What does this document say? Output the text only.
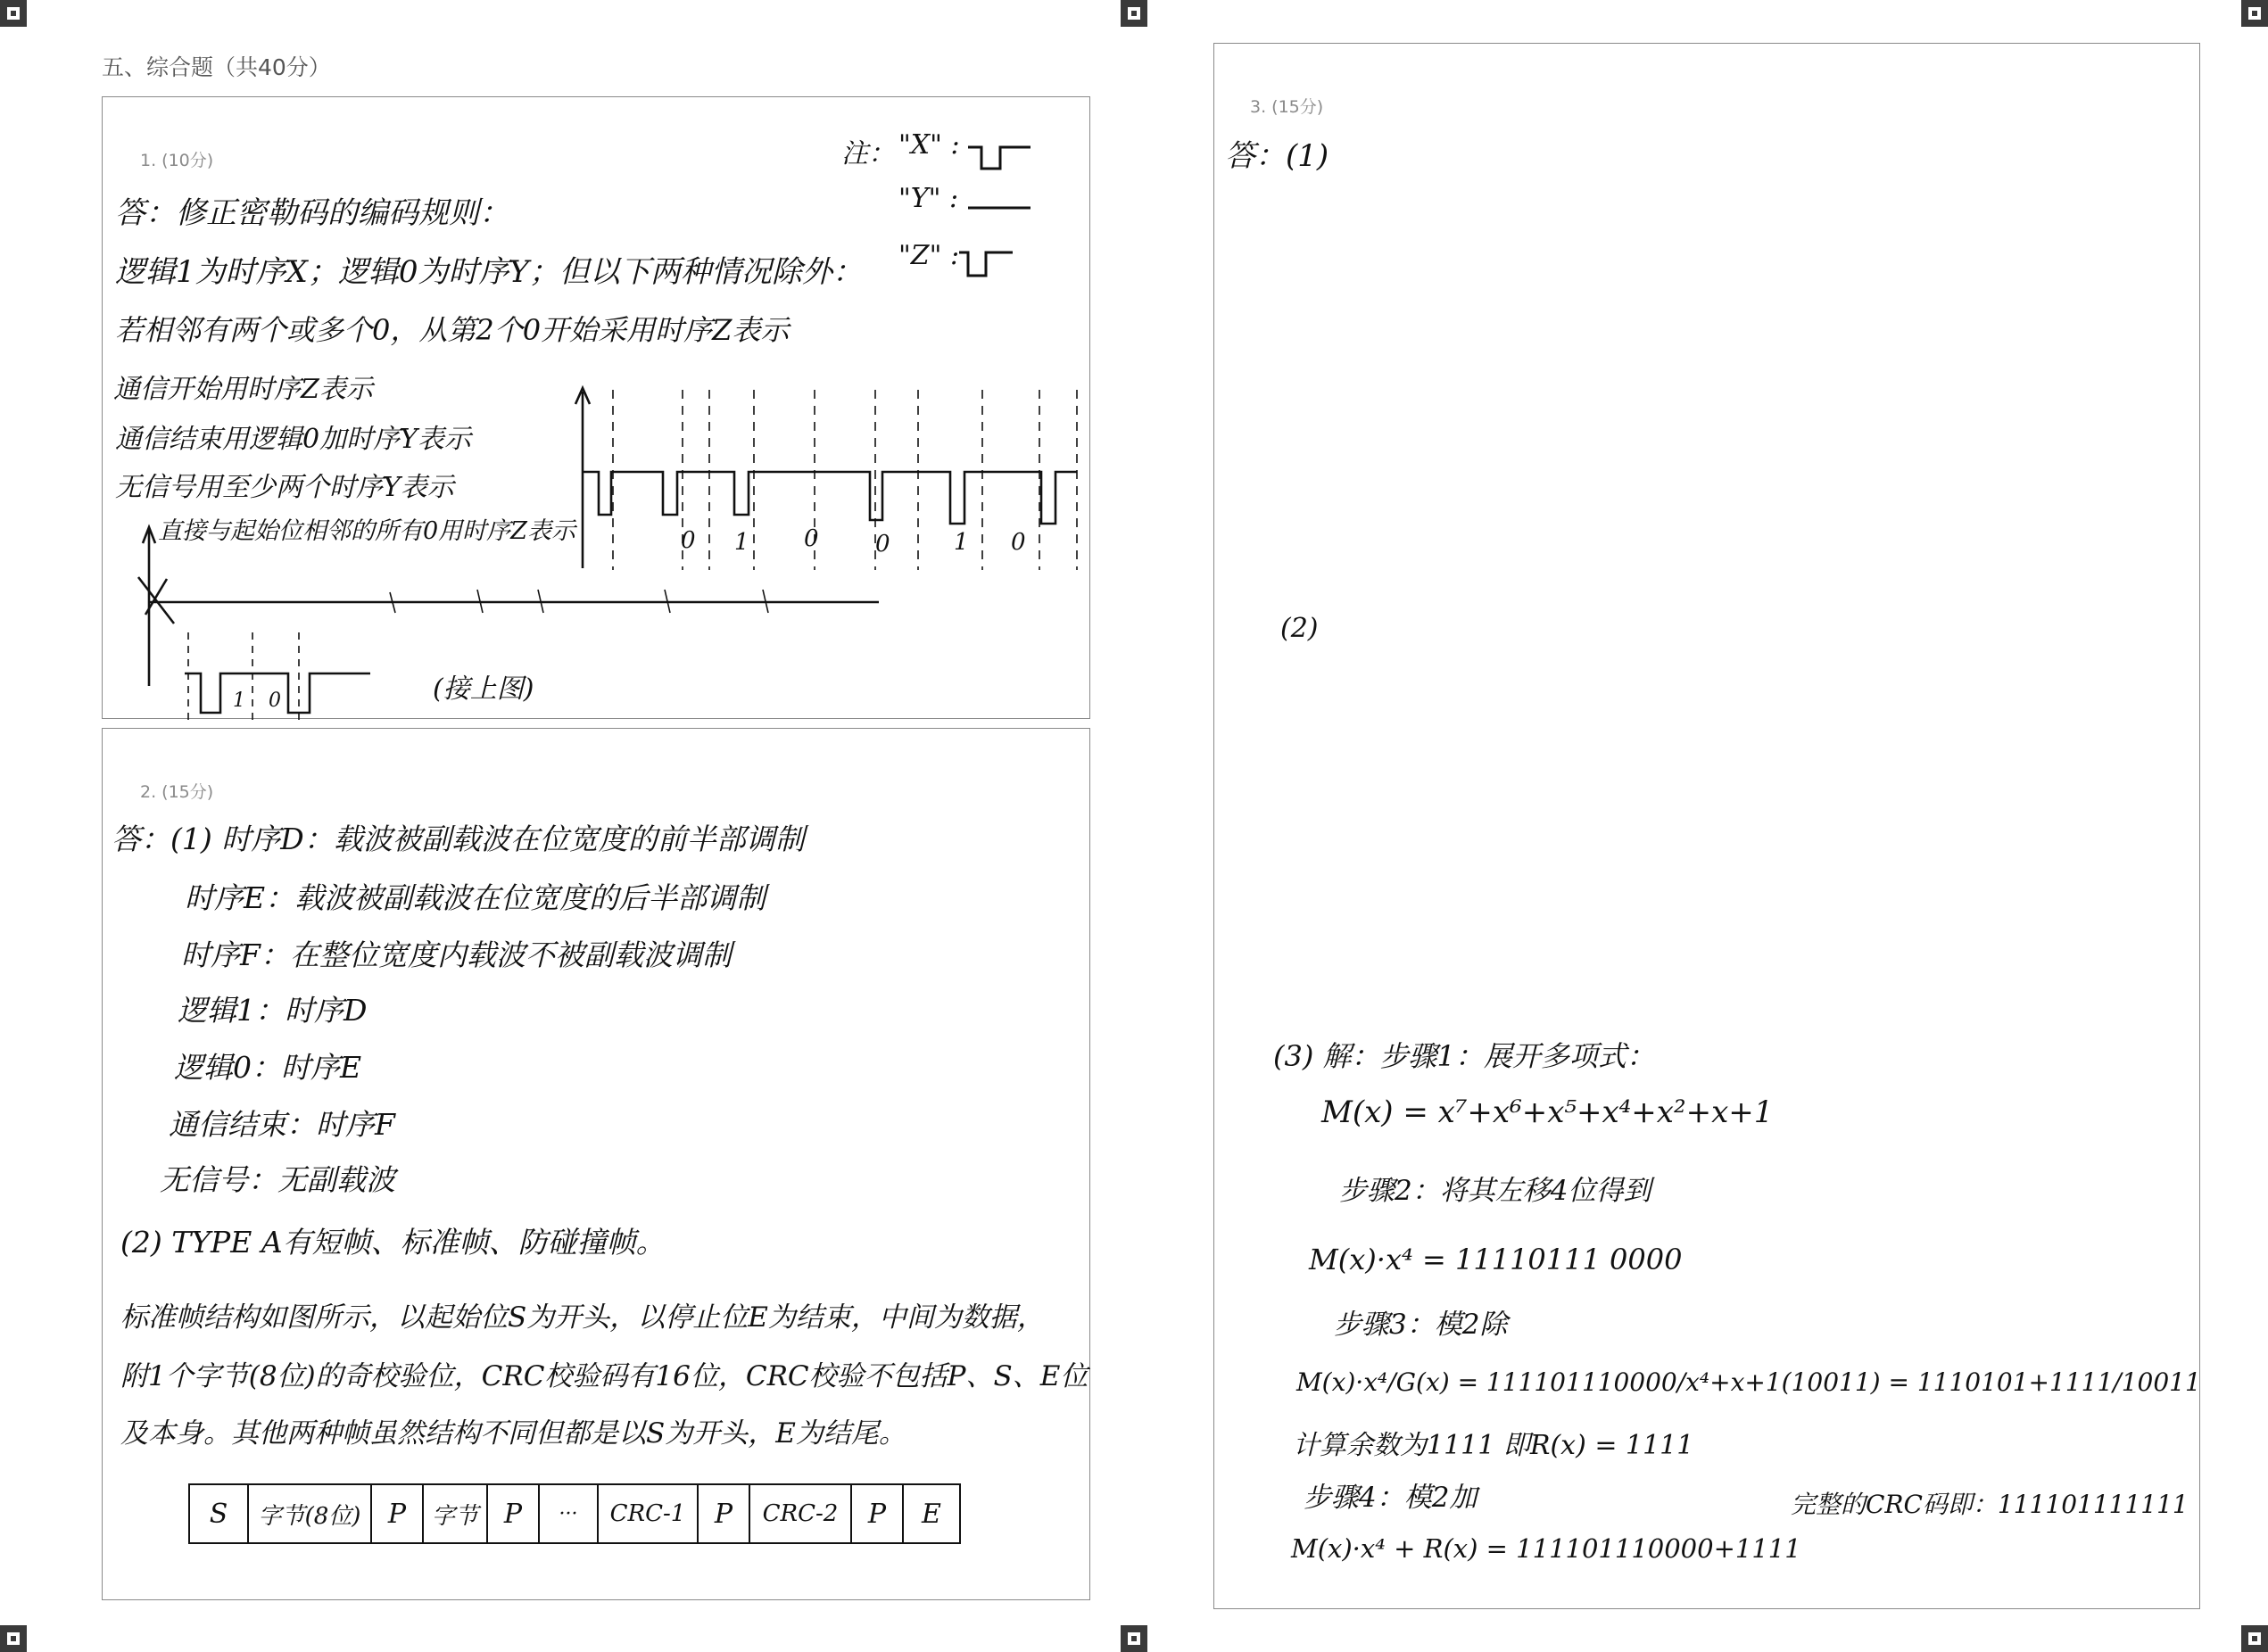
五、综合题（共40分）
1. (10分)
答：修正密勒码的编码规则：
逻辑1为时序X；逻辑0为时序Y；但以下两种情况除外：
若相邻有两个或多个0，从第2个0开始采用时序Z表示
通信开始用时序Z表示
通信结束用逻辑0加时序Y表示
无信号用至少两个时序Y表示
直接与起始位相邻的所有0用时序Z表示
注： "X" :
"Y" :
"Z" :
0 1 0 0	1 0
1 0	(接上图)
2. (15分)
答：(1) 时序D：载波被副载波在位宽度的前半部调制
时序E：载波被副载波在位宽度的后半部调制
时序F：在整位宽度内载波不被副载波调制
逻辑1：时序D
逻辑0：时序E
通信结束：时序F
无信号：无副载波
(2) TYPE A有短帧、标准帧、防碰撞帧。
标准帧结构如图所示，以起始位S为开头，以停止位E为结束，中间为数据，
附1个字节(8位)的奇校验位，CRC校验码有16位，CRC校验不包括P、S、E位
及本身。其他两种帧虽然结构不同但都是以S为开头，E为结尾。
S	字节(8位)	P	字节 P	···	CRC-1	P	CRC-2	P	E
3. (15分)
答：(1)
(2)
(3) 解：步骤1：展开多项式：
M(x) = x⁷+x⁶+x⁵+x⁴+x²+x+1
步骤2：将其左移4位得到
M(x)·x⁴ = 11110111 0000
步骤3：模2除
M(x)·x⁴/G(x) = 111101110000/x⁴+x+1(10011) = 1110101+1111/10011
计算余数为1111 即R(x) = 1111
步骤4：模2加
M(x)·x⁴ + R(x) = 111101110000+1111
完整的CRC码即：111101111111
